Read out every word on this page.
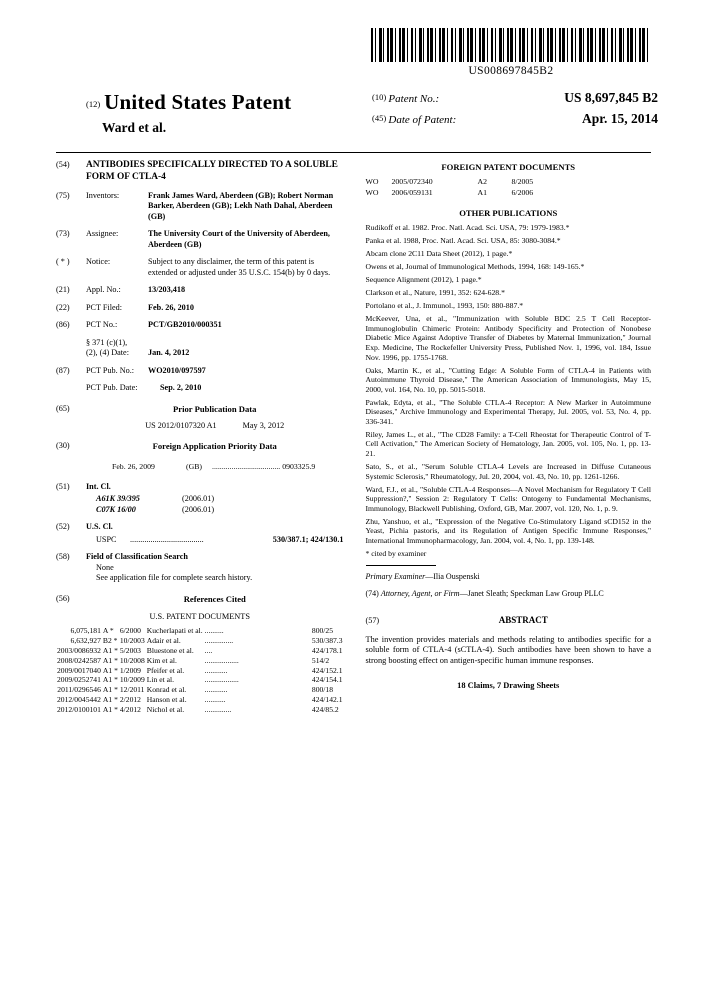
US008697845B2
$^{(12)}$ United States Patent
Ward et al.
(10) Patent No.:	US 8,697,845 B2
(45) Date of Patent:	Apr. 15, 2014
(54)	ANTIBODIES SPECIFICALLY DIRECTED TO A SOLUBLE FORM OF CTLA-4
(75)	Inventors:	Frank James Ward, Aberdeen (GB); Robert Norman Barker, Aberdeen (GB); Lekh Nath Dahal, Aberdeen (GB)
(73)	Assignee:	The University Court of the University of Aberdeen, Aberdeen (GB)
( * )	Notice:	Subject to any disclaimer, the term of this patent is extended or adjusted under 35 U.S.C. 154(b) by 0 days.
(21)	Appl. No.:	13/203,418
(22)	PCT Filed:	Feb. 26, 2010
(86)	PCT No.:	PCT/GB2010/000351
§ 371 (c)(1),
(2), (4) Date:	Jan. 4, 2012
(87)	PCT Pub. No.:	WO2010/097597
PCT Pub. Date:	Sep. 2, 2010
(65)	Prior Publication Data
US 2012/0107320 A1	May 3, 2012
(30)	Foreign Application Priority Data
Feb. 26, 2009	(GB)	................................... 0903325.9
(51)	Int. Cl.
A61K 39/395	(2006.01)
C07K 16/00	(2006.01)
(52)	U.S. Cl.
USPC	....................................	530/387.1; 424/130.1
(58)	Field of Classification Search
None
See application file for complete search history.
(56)	References Cited
U.S. PATENT DOCUMENTS
6,075,181	A *	6/2000	Kucherlapati et al.	..........	800/25
6,632,927	B2 *	10/2003	Adair et al.	...............	530/387.3
2003/0086932	A1 *	5/2003	Bluestone et al.	....	424/178.1
2008/0242587	A1 *	10/2008	Kim et al.	..................	514/2
2009/0017040	A1 *	1/2009	Pfeifer et al.	............	424/152.1
2009/0252741	A1 *	10/2009	Lin et al.	..................	424/154.1
2011/0296546	A1 *	12/2011	Konrad et al.	............	800/18
2012/0045442	A1 *	2/2012	Hanson et al.	...........	424/142.1
2012/0100101	A1 *	4/2012	Nichol et al.	..............	424/85.2
FOREIGN PATENT DOCUMENTS
WO	2005/072340	A2	8/2005
WO	2006/059131	A1	6/2006
OTHER PUBLICATIONS
Rudikoff et al. 1982. Proc. Natl. Acad. Sci. USA, 79: 1979-1983.*
Panka et al. 1988, Proc. Natl. Acad. Sci. USA, 85: 3080-3084.*
Abcam clone 2C11 Data Sheet (2012), 1 page.*
Owens et al, Journal of Immunological Methods, 1994, 168: 149-165.*
Sequence Alignment (2012), 1 page.*
Clarkson et al., Nature, 1991, 352: 624-628.*
Portolano et al., J. Immunol., 1993, 150: 880-887.*
McKeever, Una, et al., "Immunization with Soluble BDC 2.5 T Cell Receptor-Immunoglobulin Chimeric Protein: Antibody Specificity and Protection of Nonobese Diabetic Mice Against Adoptive Transfer of Diabetes by Maternal Immunization," Journal Exp. Medicine, The Rockefeller University Press, Published Nov. 1, 1996, vol. 184, Issue Nov. 1996, pp. 1755-1768.
Oaks, Martin K., et al., "Cutting Edge: A Soluble Form of CTLA-4 in Patients with Autoimmune Thyroid Disease," The American Association of Immunologists, May 15, 2000, vol. 164, No. 10, pp. 5015-5018.
Pawlak, Edyta, et al., "The Soluble CTLA-4 Receptor: A New Marker in Autoimmune Diseases," Archive Immunology and Experimental Therapy, Jul. 2005, vol. 53, No. 4, pp. 336-341.
Riley, James L., et al., "The CD28 Family: a T-Cell Rheostat for Therapeutic Control of T-Cell Activation," The American Society of Hematology, Jan. 2005, vol. 105, No. 1, pp. 13-21.
Sato, S., et al., "Serum Soluble CTLA-4 Levels are Increased in Diffuse Cutaneous Systemic Sclerosis," Rheumatology, Jul. 20, 2004, vol. 43, No. 10, pp. 1261-1266.
Ward, F.J., et al., "Soluble CTLA-4 Responses—A Novel Mechanism for Regulatory T Cell Suppression?," Session 2: Regulatory T Cells: Ontogeny to Fundamental Mechanisms, Immunology, Blackwell Publishing, Oxford, GB, Mar. 2007, vol. 120, No. 1, p. 9.
Zhu, Yanshuo, et al., "Expression of the Negative Co-Stimulatory Ligand sCD152 in the Yeast, Pichia pastoris, and its Regulation of Antigen Specific Immune Responses," International Immunopharmacology, Jan. 2004, vol. 4, No. 1, pp. 139-148.
* cited by examiner
Primary Examiner—Ilia Ouspenski
(74) Attorney, Agent, or Firm—Janet Sleath; Speckman Law Group PLLC
(57)	ABSTRACT
The invention provides materials and methods relating to antibodies specific for a soluble form of CTLA-4 (sCTLA-4). Such antibodies have been shown to have a strong boosting effect on antigen-specific human immune responses.
18 Claims, 7 Drawing Sheets
